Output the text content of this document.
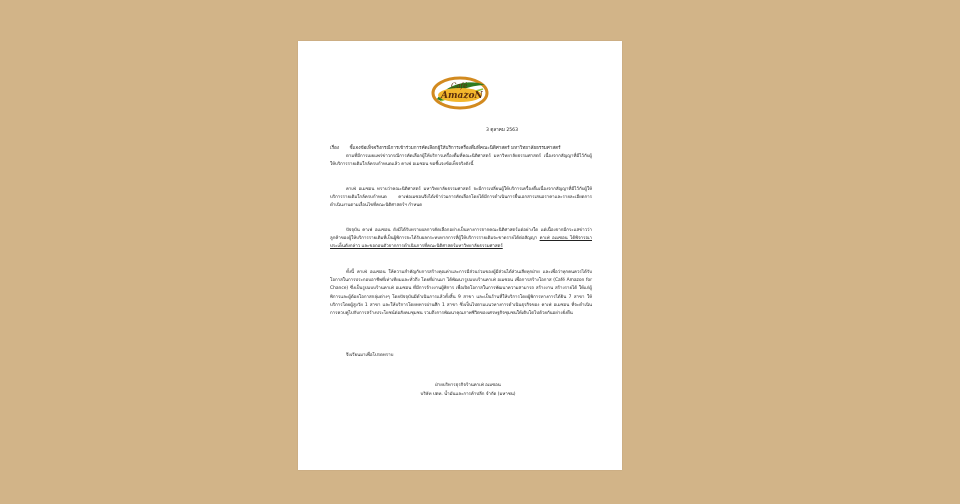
Café
AmazoN
3 ตุลาคม 2563
เรื่อง ชี้แจงข้อเท็จจริงกรณีการเข้าร่วมการคัดเลือกผู้ให้บริการเครื่องดื่มที่คณะนิติศาสตร์ มหาวิทยาลัยธรรมศาสตร์

ตามที่มีการเผยแพร่ข่าวกรณีการคัดเลือกผู้ให้บริการเครื่องดื่มที่คณะนิติศาสตร์ มหาวิทยาลัยธรรมศาสตร์ เนื่องจากสัญญาที่มีไว้กับผู้ให้บริการรายเดิมใกล้ครบกำหนดแล้ว คาเฟ่ อเมซอน ขอชี้แจงข้อเท็จจริงดังนี้

คาเฟ่ อเมซอน ทราบว่าคณะนิติศาสตร์ มหาวิทยาลัยธรรมศาสตร์ จะมีการเปลี่ยนผู้ให้บริการเครื่องดื่มเนื่องจากสัญญาที่มีไว้กับผู้ให้บริการรายเดิมใกล้ครบกำหนด คาเฟ่อเมซอนจึงได้เข้าร่วมการคัดเลือกโดยได้มีการดำเนินการยื่นเอกสารเสนอราคาและรายละเอียดการดำเนินงานตามเงื่อนไขที่คณะนิติศาสตร์ฯ กำหนด

ปัจจุบัน คาเฟ่ อเมซอน ยังมิได้รับทราบผลการคัดเลือกอย่างเป็นทางการจากคณะนิติศาสตร์แต่อย่างใด แต่เนื่องจากมีกระแสข่าวว่าลูกค้าของผู้ให้บริการรายเดิมที่เป็นผู้พิการจะได้รับผลกระทบหากการที่ผู้ให้บริการรายเดิมจะขาดรายได้ต่อสัญญา คาเฟ่ อเมซอน ได้พิจารณาประเด็นดังกล่าว และขอถอนตัวจากการดำเนินการที่คณะนิติศาสตร์มหาวิทยาลัยธรรมศาสตร์

ทั้งนี้ คาเฟ่ อเมซอน ให้ความสำคัญกับการสร้างคุณค่าและการมีส่วนร่วมของผู้มีส่วนได้ส่วนเสียทุกฝ่าย และเพื่อว่าทุกคนควรได้รับโอกาสในการประกอบอาชีพที่เท่าเทียมและทั่วถึง โดยที่ผ่านมา ได้พัฒนารูปแบบร้านคาเฟ่ อเมซอน เพื่อการสร้างโอกาส (Café Amazon for Chance) ซึ่งเป็นรูปแบบร้านคาเฟ่ อเมซอน ที่มีการจ้างงานผู้พิการ เพื่อเปิดโอกาสในการพัฒนาความสามารถ สร้างงาน สร้างรายได้ ให้แก่ผู้พิการและผู้ด้อยโอกาสกลุ่มต่างๆ โดยปัจจุบันมีดำเนินการแล้วทั้งสิ้น 9 สาขา และเป็นร้านที่ให้บริการโดยผู้พิการทางการได้ยิน 7 สาขา ให้บริการโดยผู้สูงวัย 1 สาขา และให้บริการโดยทหารผ่านศึก 1 สาขา ซึ่งเป็นไปตามแนวทางการดำเนินธุรกิจของ คาเฟ่ อเมซอน ที่จะดำเนินการควบคู่ไปกับการสร้างประโยชน์ต่อสังคมชุมชน รวมถึงการพัฒนาคุณภาพชีวิตของเศรษฐกิจชุมชนให้เติบโตไปด้วยกันอย่างยั่งยืน

จึงเรียนมาเพื่อโปรดทราบ
ฝ่ายบริหารธุรกิจร้านคาเฟ่ อเมซอน
บริษัท ปตท. น้ำมันและการค้าปลีก จำกัด (มหาชน)
